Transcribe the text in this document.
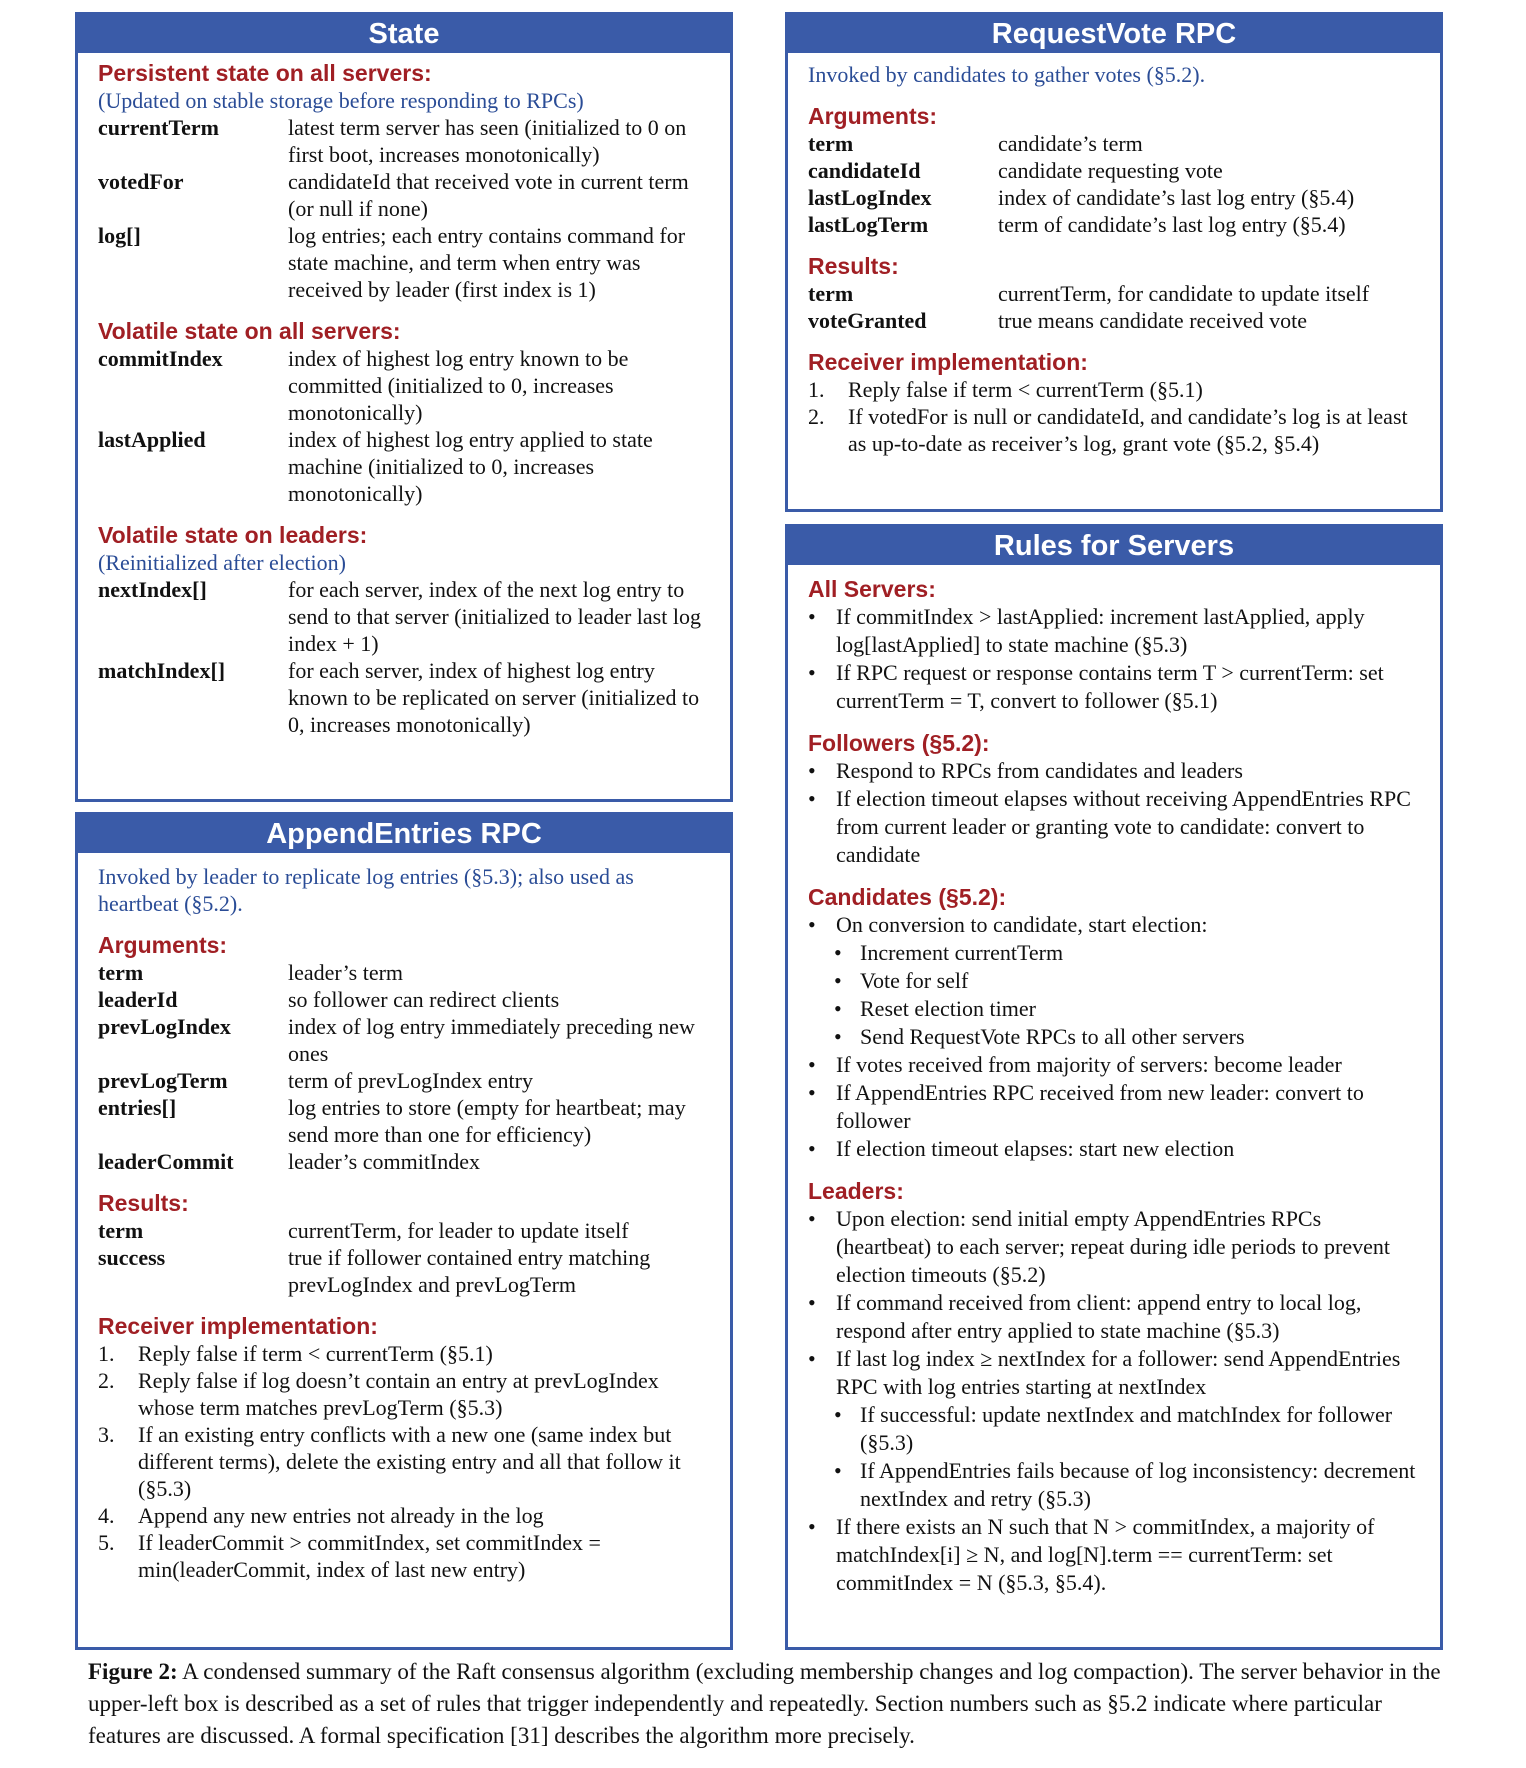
State

Persistent state on all servers:

(Updated on stable storage before responding to RPCs)

currentTerm	latest term server has seen (initialized to 0 on first boot, increases monotonically)
votedFor	candidateId that received vote in current term (or null if none)
log[]	log entries; each entry contains command for state machine, and term when entry was received by leader (first index is 1)

Volatile state on all servers:

commitIndex	index of highest log entry known to be committed (initialized to 0, increases monotonically)
lastApplied	index of highest log entry applied to state machine (initialized to 0, increases monotonically)

Volatile state on leaders:

(Reinitialized after election)

nextIndex[]	for each server, index of the next log entry to send to that server (initialized to leader last log index + 1)
matchIndex[]	for each server, index of highest log entry known to be replicated on server (initialized to 0, increases monotonically)
AppendEntries RPC

Invoked by leader to replicate log entries (§5.3); also used as heartbeat (§5.2).

Arguments:

term	leader’s term
leaderId	so follower can redirect clients
prevLogIndex	index of log entry immediately preceding new ones
prevLogTerm	term of prevLogIndex entry
entries[]	log entries to store (empty for heartbeat; may send more than one for efficiency)
leaderCommit	leader’s commitIndex

Results:

term	currentTerm, for leader to update itself
success	true if follower contained entry matching prevLogIndex and prevLogTerm

Receiver implementation:

1.	Reply false if term < currentTerm (§5.1)
2.	Reply false if log doesn’t contain an entry at prevLogIndex whose term matches prevLogTerm (§5.3)
3.	If an existing entry conflicts with a new one (same index but different terms), delete the existing entry and all that follow it (§5.3)
4.	Append any new entries not already in the log
5.	If leaderCommit > commitIndex, set commitIndex = min(leaderCommit, index of last new entry)
RequestVote RPC

Invoked by candidates to gather votes (§5.2).

Arguments:

term	candidate’s term
candidateId	candidate requesting vote
lastLogIndex	index of candidate’s last log entry (§5.4)
lastLogTerm	term of candidate’s last log entry (§5.4)

Results:

term	currentTerm, for candidate to update itself
voteGranted	true means candidate received vote

Receiver implementation:

1.	Reply false if term < currentTerm (§5.1)
2.	If votedFor is null or candidateId, and candidate’s log is at least as up-to-date as receiver’s log, grant vote (§5.2, §5.4)
Rules for Servers

All Servers:

• If commitIndex > lastApplied: increment lastApplied, apply log[lastApplied] to state machine (§5.3)
• If RPC request or response contains term T > currentTerm: set currentTerm = T, convert to follower (§5.1)

Followers (§5.2):

• Respond to RPCs from candidates and leaders
• If election timeout elapses without receiving AppendEntries RPC from current leader or granting vote to candidate: convert to candidate

Candidates (§5.2):

• On conversion to candidate, start election:
• Increment currentTerm
• Vote for self
• Reset election timer
• Send RequestVote RPCs to all other servers
• If votes received from majority of servers: become leader
• If AppendEntries RPC received from new leader: convert to follower
• If election timeout elapses: start new election

Leaders:

• Upon election: send initial empty AppendEntries RPCs (heartbeat) to each server; repeat during idle periods to prevent election timeouts (§5.2)
• If command received from client: append entry to local log, respond after entry applied to state machine (§5.3)
• If last log index ≥ nextIndex for a follower: send AppendEntries RPC with log entries starting at nextIndex
• If successful: update nextIndex and matchIndex for follower (§5.3)
• If AppendEntries fails because of log inconsistency: decrement nextIndex and retry (§5.3)
• If there exists an N such that N > commitIndex, a majority of matchIndex[i] ≥ N, and log[N].term == currentTerm: set commitIndex = N (§5.3, §5.4).
Figure 2: A condensed summary of the Raft consensus algorithm (excluding membership changes and log compaction). The server behavior in the upper-left box is described as a set of rules that trigger independently and repeatedly. Section numbers such as §5.2 indicate where particular features are discussed. A formal specification [31] describes the algorithm more precisely.
